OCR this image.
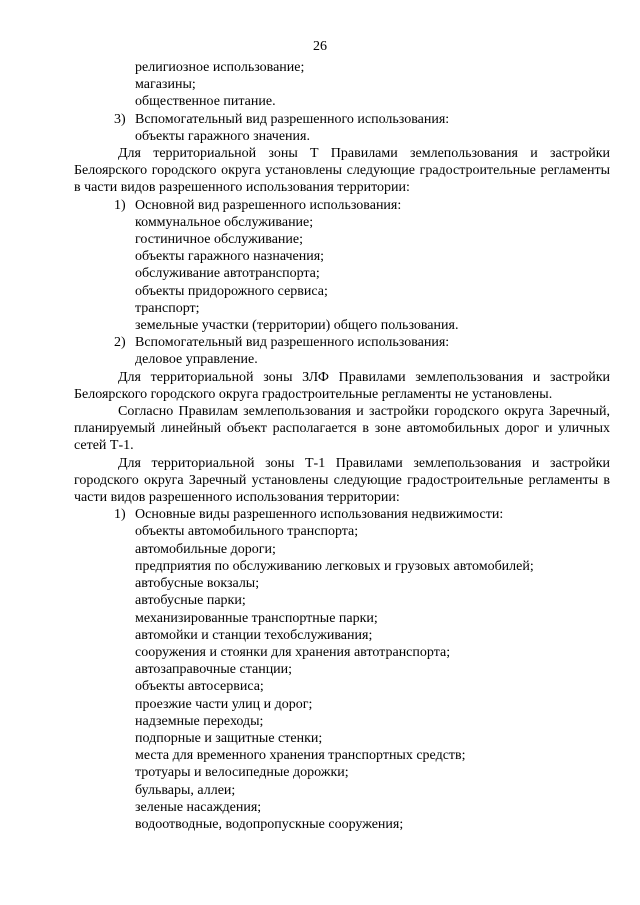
26
религиозное использование;
магазины;
общественное питание.
3) Вспомогательный вид разрешенного использования:
объекты гаражного значения.
Для территориальной зоны Т Правилами землепользования и застройки Белоярского городского округа установлены следующие градостроительные регламенты в части видов разрешенного использования территории:
1) Основной вид разрешенного использования:
коммунальное обслуживание;
гостиничное обслуживание;
объекты гаражного назначения;
обслуживание автотранспорта;
объекты придорожного сервиса;
транспорт;
земельные участки (территории) общего пользования.
2) Вспомогательный вид разрешенного использования:
деловое управление.
Для территориальной зоны ЗЛФ Правилами землепользования и застройки Белоярского городского округа градостроительные регламенты не установлены.
Согласно Правилам землепользования и застройки городского округа Заречный, планируемый линейный объект располагается в зоне автомобильных дорог и уличных сетей Т-1.
Для территориальной зоны Т-1 Правилами землепользования и застройки городского округа Заречный установлены следующие градостроительные регламенты в части видов разрешенного использования территории:
1) Основные виды разрешенного использования недвижимости:
объекты автомобильного транспорта;
автомобильные дороги;
предприятия по обслуживанию легковых и грузовых автомобилей;
автобусные вокзалы;
автобусные парки;
механизированные транспортные парки;
автомойки и станции техобслуживания;
сооружения и стоянки для хранения автотранспорта;
автозаправочные станции;
объекты автосервиса;
проезжие части улиц и дорог;
надземные переходы;
подпорные и защитные стенки;
места для временного хранения транспортных средств;
тротуары и велосипедные дорожки;
бульвары, аллеи;
зеленые насаждения;
водоотводные, водопропускные сооружения;
